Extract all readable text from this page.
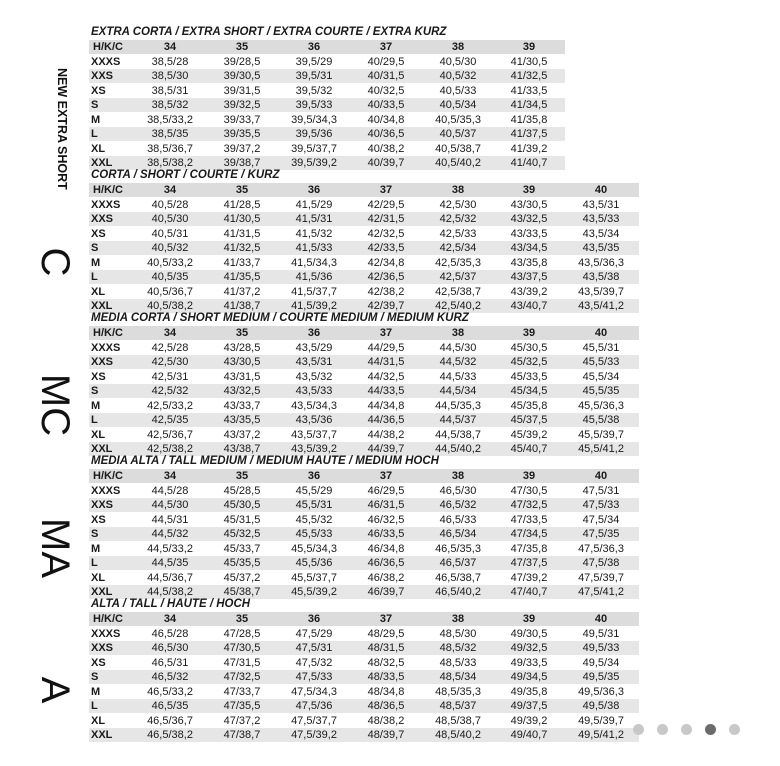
EXTRA CORTA / EXTRA SHORT / EXTRA COURTE / EXTRA KURZ
H/K/C	34	35	36	37	38	39
XXXS	38,5/28	39/28,5	39,5/29	40/29,5	40,5/30	41/30,5
XXS	38,5/30	39/30,5	39,5/31	40/31,5	40,5/32	41/32,5
XS	38,5/31	39/31,5	39,5/32	40/32,5	40,5/33	41/33,5
S	38,5/32	39/32,5	39,5/33	40/33,5	40,5/34	41/34,5
M	38,5/33,2	39/33,7	39,5/34,3	40/34,8	40,5/35,3	41/35,8
L	38,5/35	39/35,5	39,5/36	40/36,5	40,5/37	41/37,5
XL	38,5/36,7	39/37,2	39,5/37,7	40/38,2	40,5/38,7	41/39,2
XXL	38,5/38,2	39/38,7	39,5/39,2	40/39,7	40,5/40,2	41/40,7
NEW EXTRA SHORT CORTA / SHORT / COURTE / KURZ
H/K/C	34	35	36	37	38	39	40
XXXS	40,5/28	41/28,5	41,5/29	42/29,5	42,5/30	43/30,5	43,5/31
XXS	40,5/30	41/30,5	41,5/31	42/31,5	42,5/32	43/32,5	43,5/33
XS	40,5/31	41/31,5	41,5/32	42/32,5	42,5/33	43/33,5	43,5/34
S	40,5/32	41/32,5	41,5/33	42/33,5	42,5/34	43/34,5	43,5/35
M	40,5/33,2	41/33,7	41,5/34,3	42/34,8	42,5/35,3	43/35,8	43,5/36,3
L	40,5/35	41/35,5	41,5/36	42/36,5	42,5/37	43/37,5	43,5/38
XL	40,5/36,7	41/37,2	41,5/37,7	42/38,2	42,5/38,7	43/39,2	43,5/39,7
XXL	40,5/38,2	41/38,7	41,5/39,2	42/39,7	42,5/40,2	43/40,7	43,5/41,2
C
MEDIA CORTA / SHORT MEDIUM / COURTE MEDIUM / MEDIUM KURZ
H/K/C	34	35	36	37	38	39	40
XXXS	42,5/28	43/28,5	43,5/29	44/29,5	44,5/30	45/30,5	45,5/31
XXS	42,5/30	43/30,5	43,5/31	44/31,5	44,5/32	45/32,5	45,5/33
XS	42,5/31	43/31,5	43,5/32	44/32,5	44,5/33	45/33,5	45,5/34
S	42,5/32	43/32,5	43,5/33	44/33,5	44,5/34	45/34,5	45,5/35
M	42,5/33,2	43/33,7	43,5/34,3	44/34,8	44,5/35,3	45/35,8	45,5/36,3
L	42,5/35	43/35,5	43,5/36	44/36,5	44,5/37	45/37,5	45,5/38
XL	42,5/36,7	43/37,2	43,5/37,7	44/38,2	44,5/38,7	45/39,2	45,5/39,7
XXL	42,5/38,2	43/38,7	43,5/39,2	44/39,7	44,5/40,2	45/40,7	45,5/41,2
MC
MEDIA ALTA / TALL MEDIUM / MEDIUM HAUTE / MEDIUM HOCH
H/K/C	34	35	36	37	38	39	40
XXXS	44,5/28	45/28,5	45,5/29	46/29,5	46,5/30	47/30,5	47,5/31
XXS	44,5/30	45/30,5	45,5/31	46/31,5	46,5/32	47/32,5	47,5/33
XS	44,5/31	45/31,5	45,5/32	46/32,5	46,5/33	47/33,5	47,5/34
S	44,5/32	45/32,5	45,5/33	46/33,5	46,5/34	47/34,5	47,5/35
M	44,5/33,2	45/33,7	45,5/34,3	46/34,8	46,5/35,3	47/35,8	47,5/36,3
L	44,5/35	45/35,5	45,5/36	46/36,5	46,5/37	47/37,5	47,5/38
XL	44,5/36,7	45/37,2	45,5/37,7	46/38,2	46,5/38,7	47/39,2	47,5/39,7
XXL	44,5/38,2	45/38,7	45,5/39,2	46/39,7	46,5/40,2	47/40,7	47,5/41,2
MA
ALTA / TALL / HAUTE / HOCH
H/K/C	34	35	36	37	38	39	40
XXXS	46,5/28	47/28,5	47,5/29	48/29,5	48,5/30	49/30,5	49,5/31
XXS	46,5/30	47/30,5	47,5/31	48/31,5	48,5/32	49/32,5	49,5/33
XS	46,5/31	47/31,5	47,5/32	48/32,5	48,5/33	49/33,5	49,5/34
S	46,5/32	47/32,5	47,5/33	48/33,5	48,5/34	49/34,5	49,5/35
M	46,5/33,2	47/33,7	47,5/34,3	48/34,8	48,5/35,3	49/35,8	49,5/36,3
L	46,5/35	47/35,5	47,5/36	48/36,5	48,5/37	49/37,5	49,5/38
XL	46,5/36,7	47/37,2	47,5/37,7	48/38,2	48,5/38,7	49/39,2	49,5/39,7
XXL	46,5/38,2	47/38,7	47,5/39,2	48/39,7	48,5/40,2	49/40,7	49,5/41,2
A
